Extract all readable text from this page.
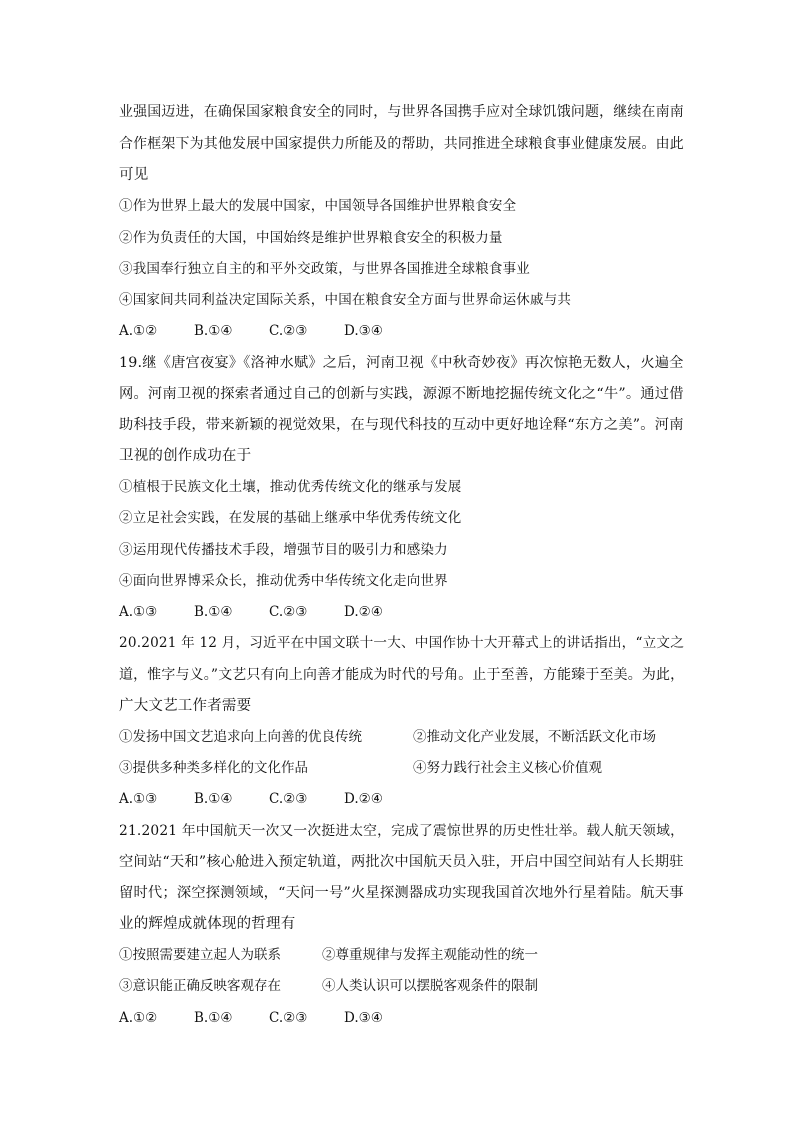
业强国迈进，在确保国家粮食安全的同时，与世界各国携手应对全球饥饿问题，继续在南南
合作框架下为其他发展中国家提供力所能及的帮助，共同推进全球粮食事业健康发展。由此
可见
①作为世界上最大的发展中国家，中国领导各国维护世界粮食安全
②作为负责任的大国，中国始终是维护世界粮食安全的积极力量
③我国奉行独立自主的和平外交政策，与世界各国推进全球粮食事业
④国家间共同利益决定国际关系，中国在粮食安全方面与世界命运休戚与共
A.①②	B.①④	C.②③	D.③④
19.继《唐宫夜宴》《洛神水赋》之后，河南卫视《中秋奇妙夜》再次惊艳无数人，火遍全
网。河南卫视的探索者通过自己的创新与实践，源源不断地挖掘传统文化之“牛”。通过借
助科技手段，带来新颖的视觉效果，在与现代科技的互动中更好地诠释“东方之美”。河南
卫视的创作成功在于
①植根于民族文化土壤，推动优秀传统文化的继承与发展
②立足社会实践，在发展的基础上继承中华优秀传统文化
③运用现代传播技术手段，增强节目的吸引力和感染力
④面向世界博采众长，推动优秀中华传统文化走向世界
A.①③	B.①④	C.②③	D.②④
20.2021 年 12 月，习近平在中国文联十一大、中国作协十大开幕式上的讲话指出，“立文之
道，惟字与义。”文艺只有向上向善才能成为时代的号角。止于至善，方能臻于至美。为此，
广大文艺工作者需要
①发扬中国文艺追求向上向善的优良传统	②推动文化产业发展，不断活跃文化市场
③提供多种类多样化的文化作品	④努力践行社会主义核心价值观
A.①③	B.①④	C.②③	D.②④
21.2021 年中国航天一次又一次挺进太空，完成了震惊世界的历史性壮举。载人航天领域，
空间站“天和”核心舱进入预定轨道，两批次中国航天员入驻，开启中国空间站有人长期驻
留时代；深空探测领域，“天问一号”火星探测器成功实现我国首次地外行星着陆。航天事
业的辉煌成就体现的哲理有
①按照需要建立起人为联系	②尊重规律与发挥主观能动性的统一
③意识能正确反映客观存在	④人类认识可以摆脱客观条件的限制
A.①②	B.①④	C.②③	D.③④
